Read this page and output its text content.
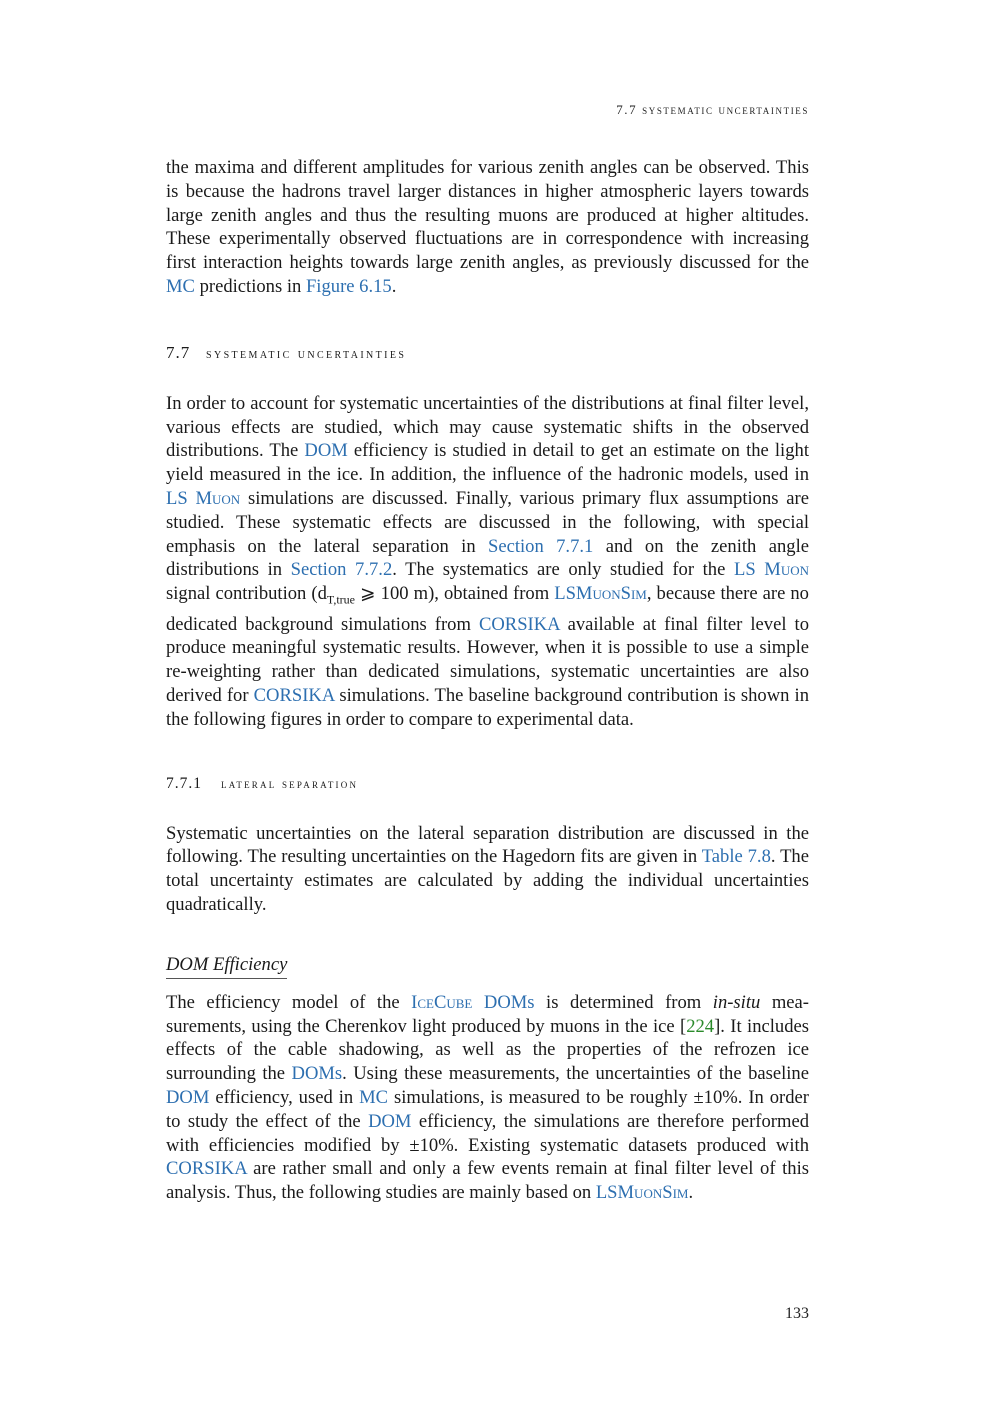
7.7 systematic uncertainties

the maxima and different amplitudes for various zenith angles can be observed. This is because the hadrons travel larger distances in higher atmospheric layers towards large zenith angles and thus the resulting muons are produced at higher altitudes. These experimentally observed fluctuations are in correspondence with increasing first interaction heights towards large zenith angles, as previously discussed for the MC predictions in Figure 6.15.

7.7 systematic uncertainties

In order to account for systematic uncertainties of the distributions at final filter level, various effects are studied, which may cause systematic shifts in the observed distributions. The DOM efficiency is studied in detail to get an estimate on the light yield measured in the ice. In addition, the influence of the hadronic models, used in LS Muon simulations are discussed. Finally, various primary flux assumptions are studied. These systematic effects are discussed in the following, with special emphasis on the lateral separation in Section 7.7.1 and on the zenith angle distributions in Section 7.7.2. The systematics are only studied for the LS Muon signal contribution ($d_{T,true}$ ⩾ 100 m), obtained from LSMuonSim, because there are no dedicated background simulations from CORSIKA available at final filter level to produce meaningful systematic results. However, when it is possible to use a simple re-weighting rather than dedicated simulations, systematic uncertainties are also derived for CORSIKA simulations. The baseline background contribution is shown in the following figures in order to compare to experimental data.

7.7.1 lateral separation

Systematic uncertainties on the lateral separation distribution are discussed in the following. The resulting uncertainties on the Hagedorn fits are given in Table 7.8. The total uncertainty estimates are calculated by adding the individual uncertainties quadratically.

DOM Efficiency

The efficiency model of the IceCube DOMs is determined from in-situ mea-surements, using the Cherenkov light produced by muons in the ice [224]. It includes effects of the cable shadowing, as well as the properties of the refrozen ice surrounding the DOMs. Using these measurements, the uncertainties of the baseline DOM efficiency, used in MC simulations, is measured to be roughly ±10%. In order to study the effect of the DOM efficiency, the simulations are therefore performed with efficiencies modified by ±10%. Existing systematic datasets produced with CORSIKA are rather small and only a few events remain at final filter level of this analysis. Thus, the following studies are mainly based on LSMuonSim.

133
